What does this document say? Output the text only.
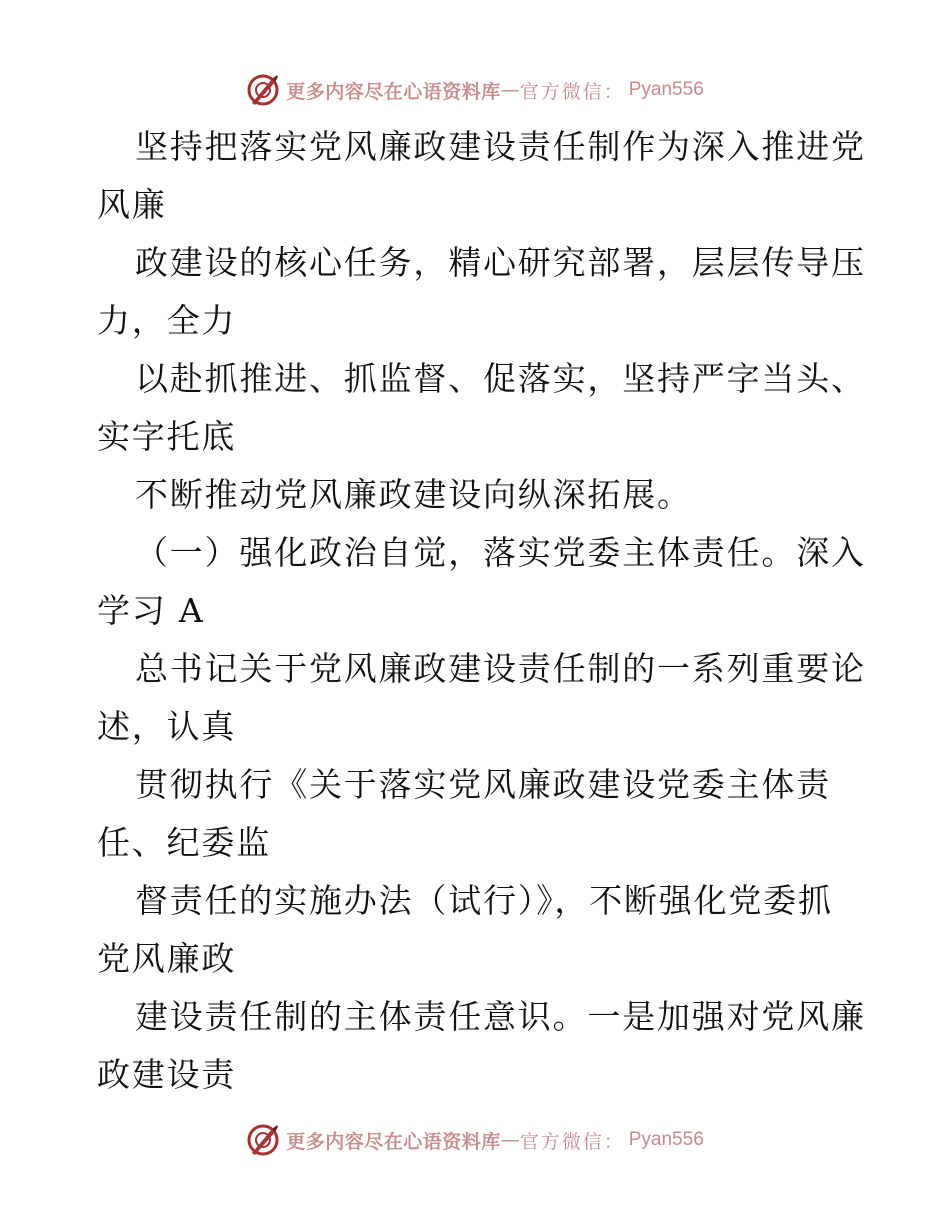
更多内容尽在心语资料库 — 官方微信： Pyan556
坚持把落实党风廉政建设责任制作为深入推进党
风廉
政建设的核心任务，精心研究部署，层层传导压
力，全力
以赴抓推进、抓监督、促落实，坚持严字当头、
实字托底
不断推动党风廉政建设向纵深拓展。
（一）强化政治自觉，落实党委主体责任。深入
学习 A
总书记关于党风廉政建设责任制的一系列重要论
述，认真
贯彻执行《关于落实党风廉政建设党委主体责
任、纪委监
督责任的实施办法（试行）》，不断强化党委抓
党风廉政
建设责任制的主体责任意识。一是加强对党风廉
政建设责
更多内容尽在心语资料库 — 官方微信： Pyan556
